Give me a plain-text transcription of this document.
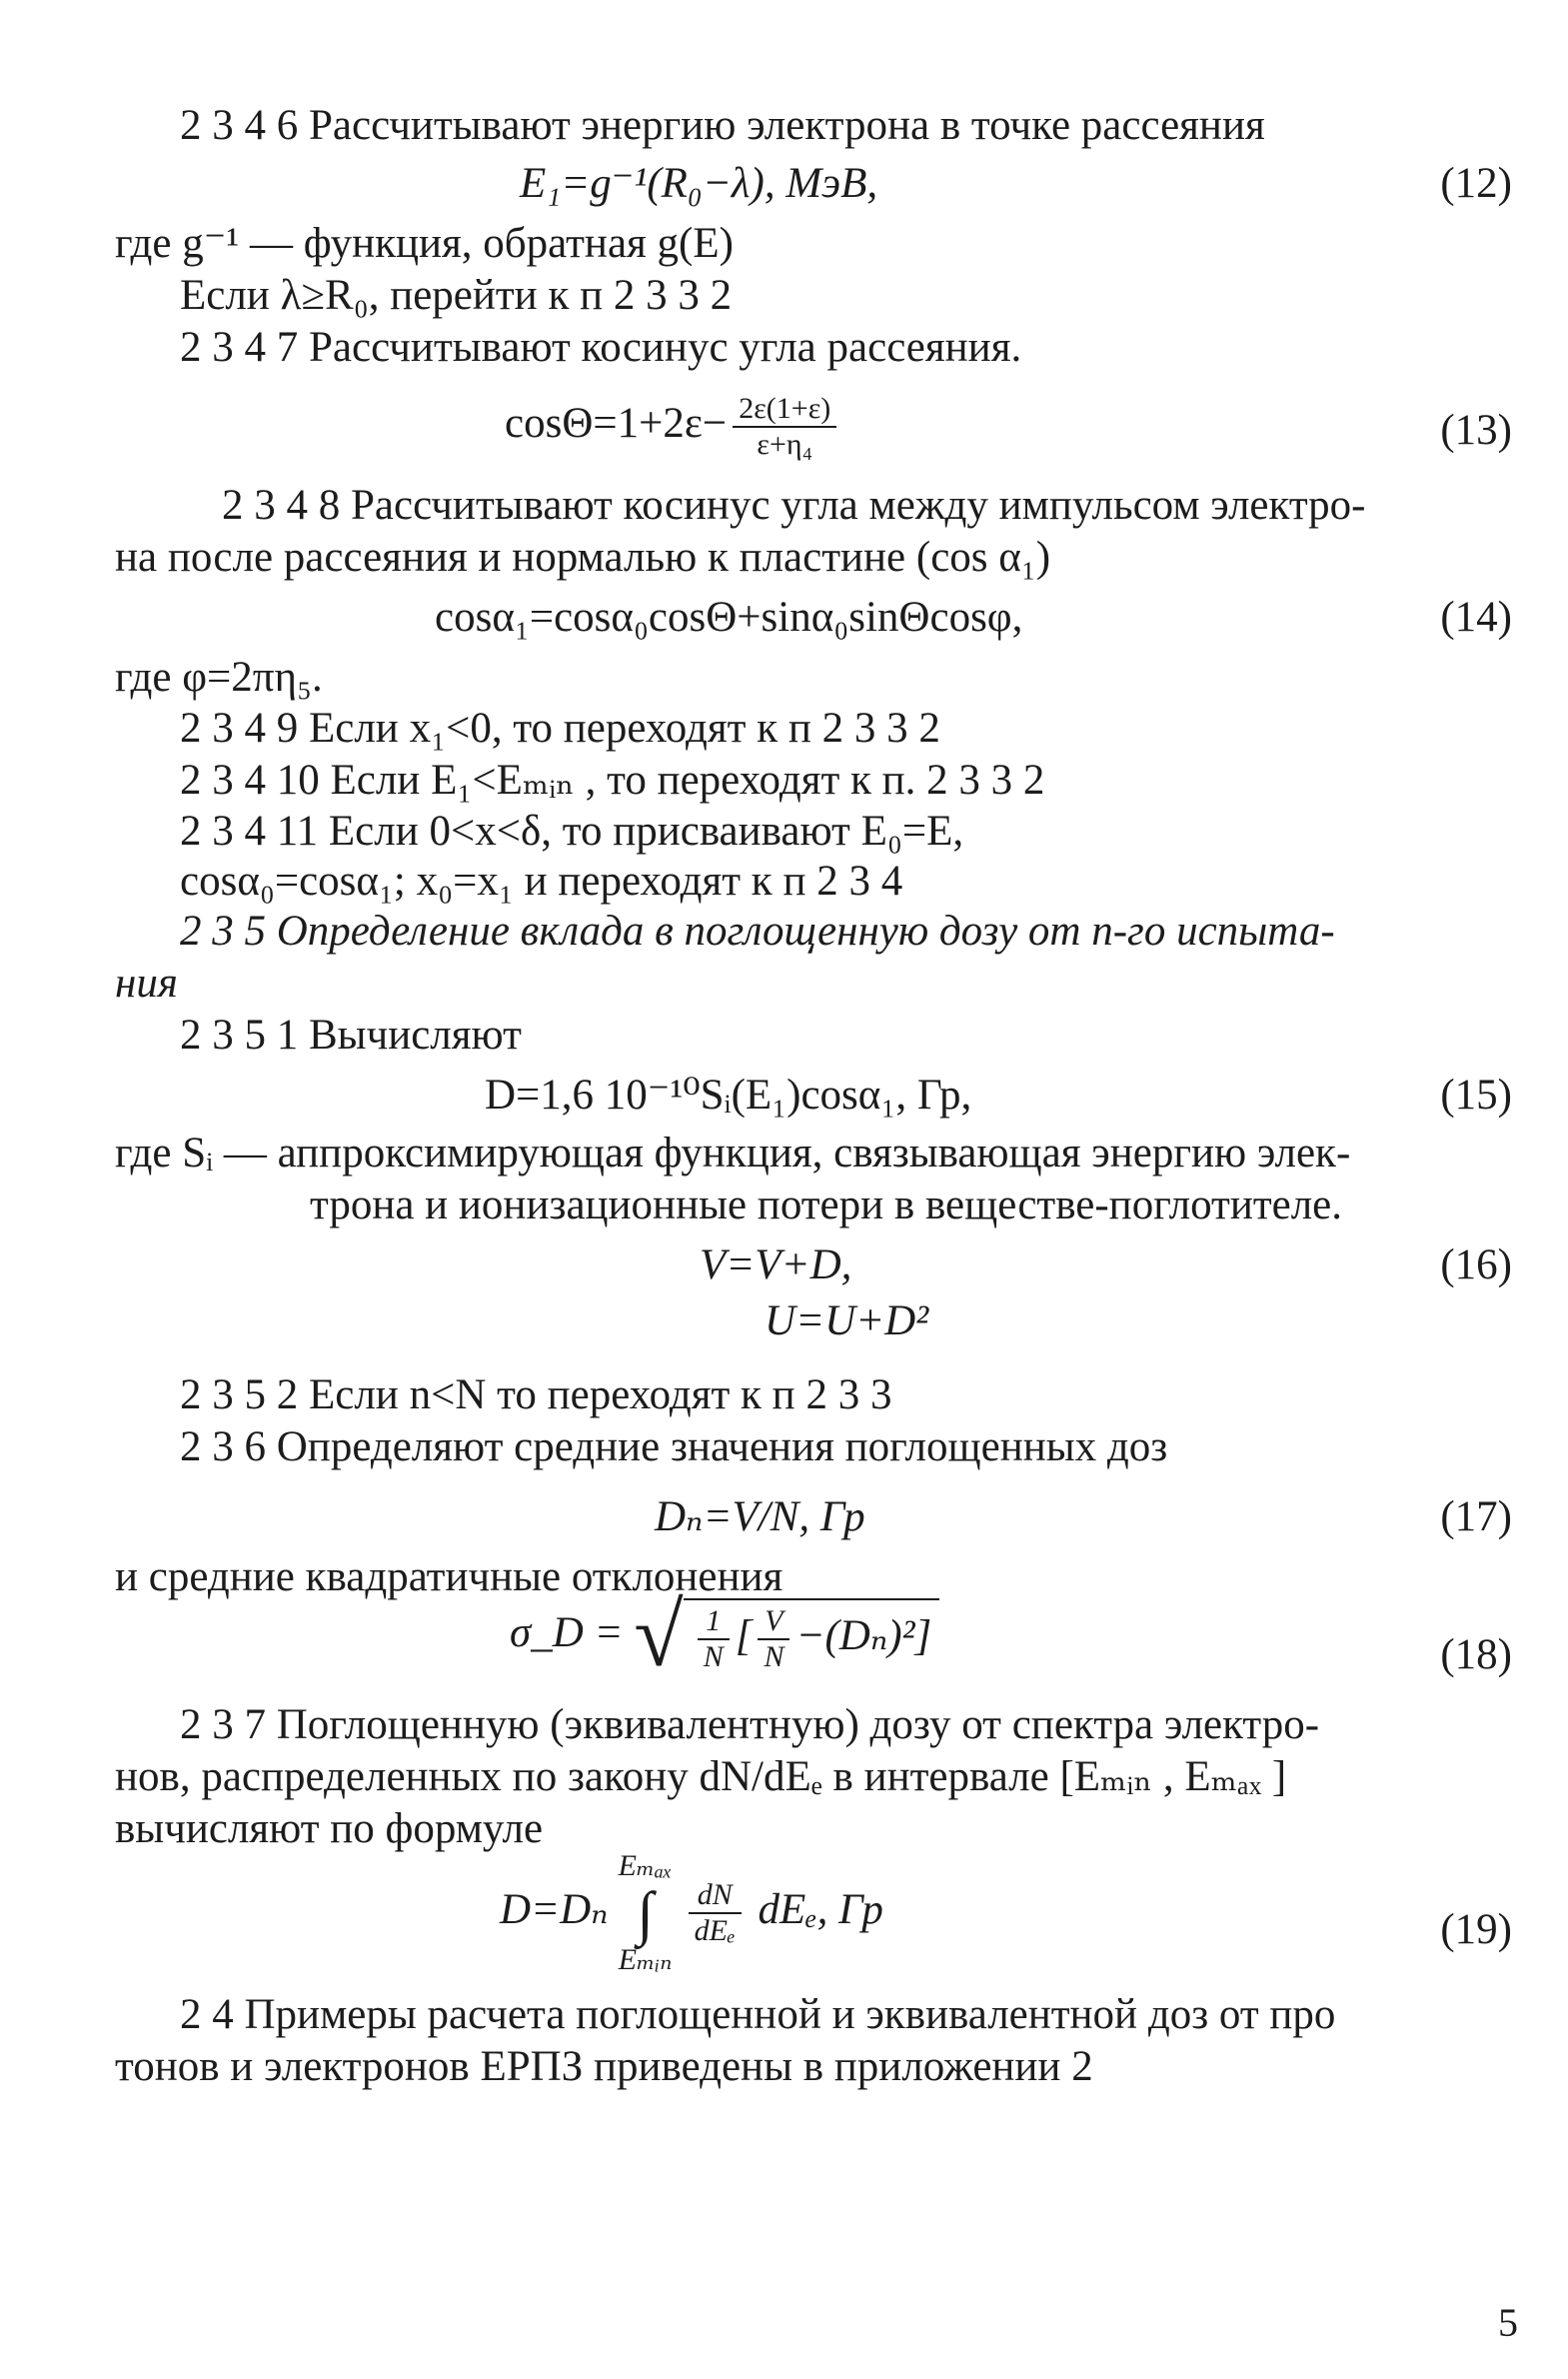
2 3 4 6 Рассчитывают энергию электрона в точке рассеяния
E₁=g⁻¹(R₀−λ), МэВ,	(12)
где g⁻¹ — функция, обратная g(E)
Если λ≥R₀, перейти к п 2 3 3 2
2 3 4 7 Рассчитывают косинус угла рассеяния.
$\cos\Theta=1+2\varepsilon- \frac{2\varepsilon(1+\varepsilon)}{\text{ε+η₄}}$	(13)
2 3 4 8 Рассчитывают косинус угла между импульсом электро-
на после рассеяния и нормалью к пластине (cos α₁)
cosα₁=cosα₀cosΘ+sinα₀sinΘcosφ,	(14)
где φ=2πη₅.
2 3 4 9 Если x₁<0, то переходят к п 2 3 3 2
2 3 4 10 Если E₁<Eₘᵢₙ , то переходят к п. 2 3 3 2
2 3 4 11 Если 0<x<δ, то присваивают E₀=E,
cosα₀=cosα₁; x₀=x₁ и переходят к п 2 3 4
2 3 5 Определение вклада в поглощенную дозу от n-го испыта-
ния
2 3 5 1 Вычисляют
D=1,6 10⁻¹⁰Sᵢ(E₁)cosα₁, Гр,	(15)
где Sᵢ — аппроксимирующая функция, связывающая энергию элек-
трона и ионизационные потери в веществе-поглотителе.
V=V+D,	(16)
U=U+D²
2 3 5 2 Если n<N то переходят к п 2 3 3
2 3 6 Определяют средние значения поглощенных доз
Dₙ=V/N, Гр	(17)
и средние квадратичные отклонения
σ_D = √ $\frac{1}{N}$ [ $\frac{V}{N} -(D_n)^2$]	(18)
2 3 7 Поглощенную (эквивалентную) дозу от спектра электро-
нов, распределенных по закону dN/dEₑ в интервале [Eₘᵢₙ , Eₘₐₓ ]
вычисляют по формуле
D=DₙEₘₐₓ
∫
Eₘᵢₙ
$\frac{dN}{\text{dEₑ}} dE_e$, Гр	(19)
2 4 Примеры расчета поглощенной и эквивалентной доз от про
тонов и электронов ЕРПЗ приведены в приложении 2
5
